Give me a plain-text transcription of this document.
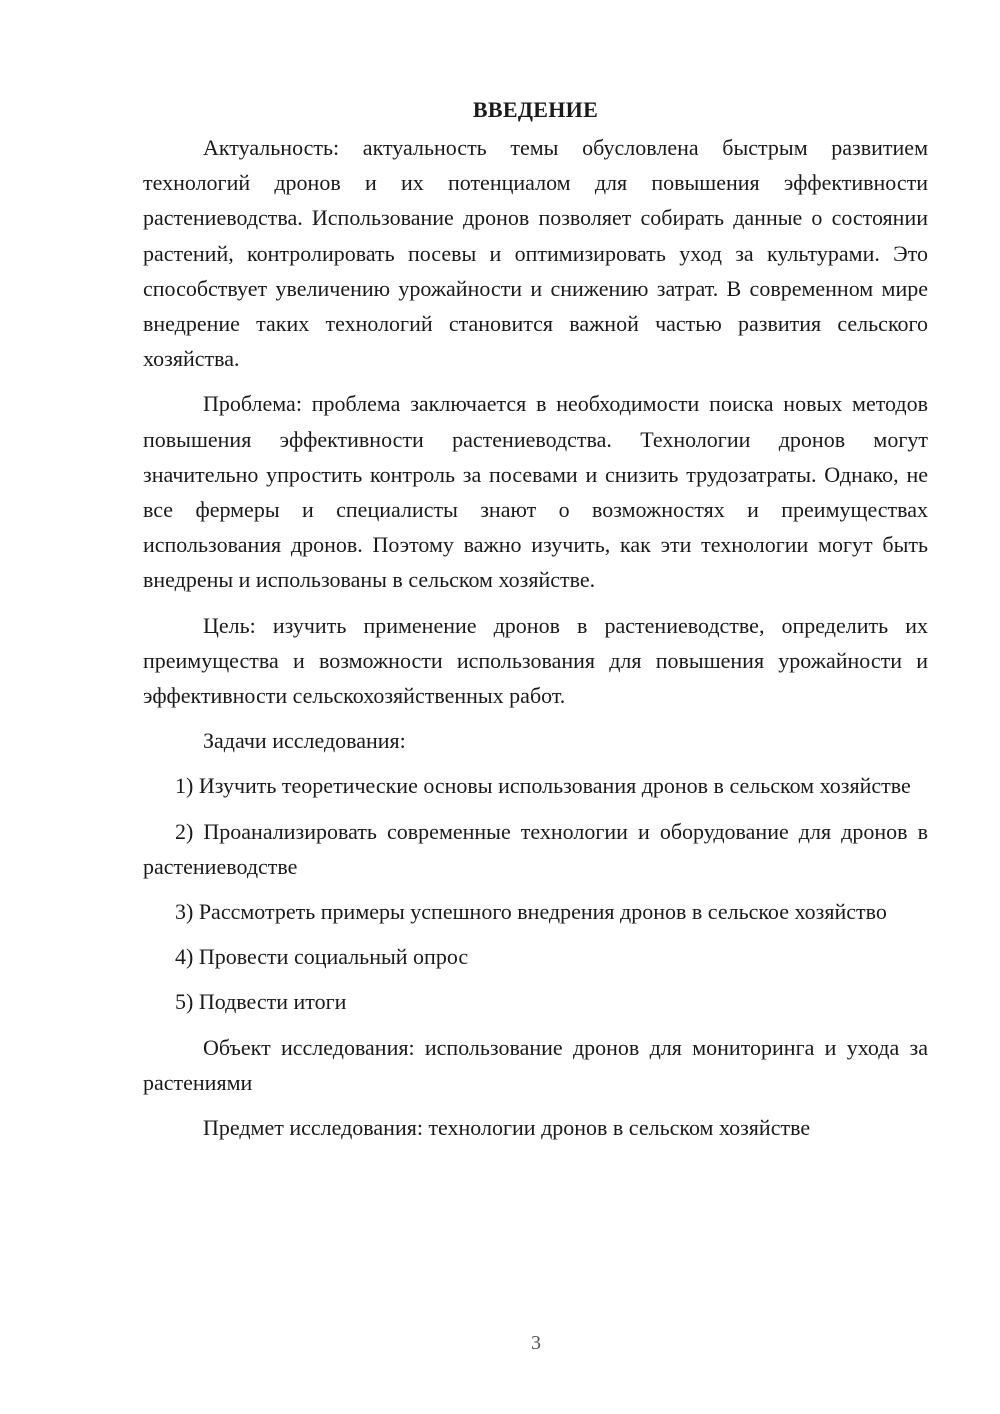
ВВЕДЕНИЕ

Актуальность: актуальность темы обусловлена быстрым развитием технологий дронов и их потенциалом для повышения эффективности растениеводства. Использование дронов позволяет собирать данные о состоянии растений, контролировать посевы и оптимизировать уход за культурами. Это способствует увеличению урожайности и снижению затрат. В современном мире внедрение таких технологий становится важной частью развития сельского хозяйства.

Проблема: проблема заключается в необходимости поиска новых методов повышения эффективности растениеводства. Технологии дронов могут значительно упростить контроль за посевами и снизить трудозатраты. Однако, не все фермеры и специалисты знают о возможностях и преимуществах использования дронов. Поэтому важно изучить, как эти технологии могут быть внедрены и использованы в сельском хозяйстве.

Цель: изучить применение дронов в растениеводстве, определить их преимущества и возможности использования для повышения урожайности и эффективности сельскохозяйственных работ.

Задачи исследования:

1) Изучить теоретические основы использования дронов в сельском хозяйстве

2) Проанализировать современные технологии и оборудование для дронов в растениеводстве

3) Рассмотреть примеры успешного внедрения дронов в сельское хозяйство

4) Провести социальный опрос

5) Подвести итоги

Объект исследования: использование дронов для мониторинга и ухода за растениями

Предмет исследования: технологии дронов в сельском хозяйстве

3
